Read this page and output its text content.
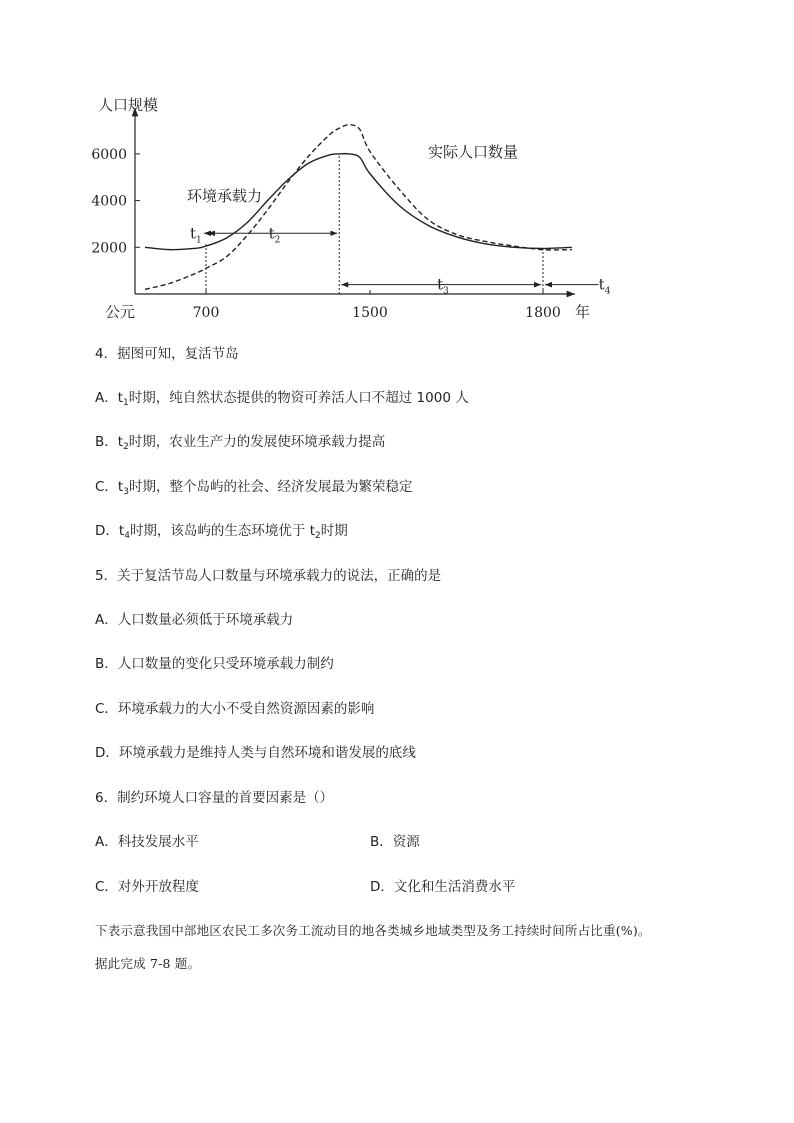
人口规模
年
公元
2000
4000
6000
700	1500	1800
环境承载力
实际人口数量
$t_1$	$t_2$
$t_3$	$t_4$
4．据图可知，复活节岛
A．$t_1$时期，纯自然状态提供的物资可养活人口不超过 1000 人
B．$t_2$时期，农业生产力的发展使环境承载力提高
C．$t_3$时期，整个岛屿的社会、经济发展最为繁荣稳定
D．$t_4$时期，该岛屿的生态环境优于 $t_2$时期
5．关于复活节岛人口数量与环境承载力的说法，正确的是
A．人口数量必须低于环境承载力
B．人口数量的变化只受环境承载力制约
C．环境承载力的大小不受自然资源因素的影响
D．环境承载力是维持人类与自然环境和谐发展的底线
6．制约环境人口容量的首要因素是（）
A．科技发展水平	B．资源
C．对外开放程度	D．文化和生活消费水平
下表示意我国中部地区农民工多次务工流动目的地各类城乡地域类型及务工持续时间所占比重(%)。
据此完成 7-8 题。
